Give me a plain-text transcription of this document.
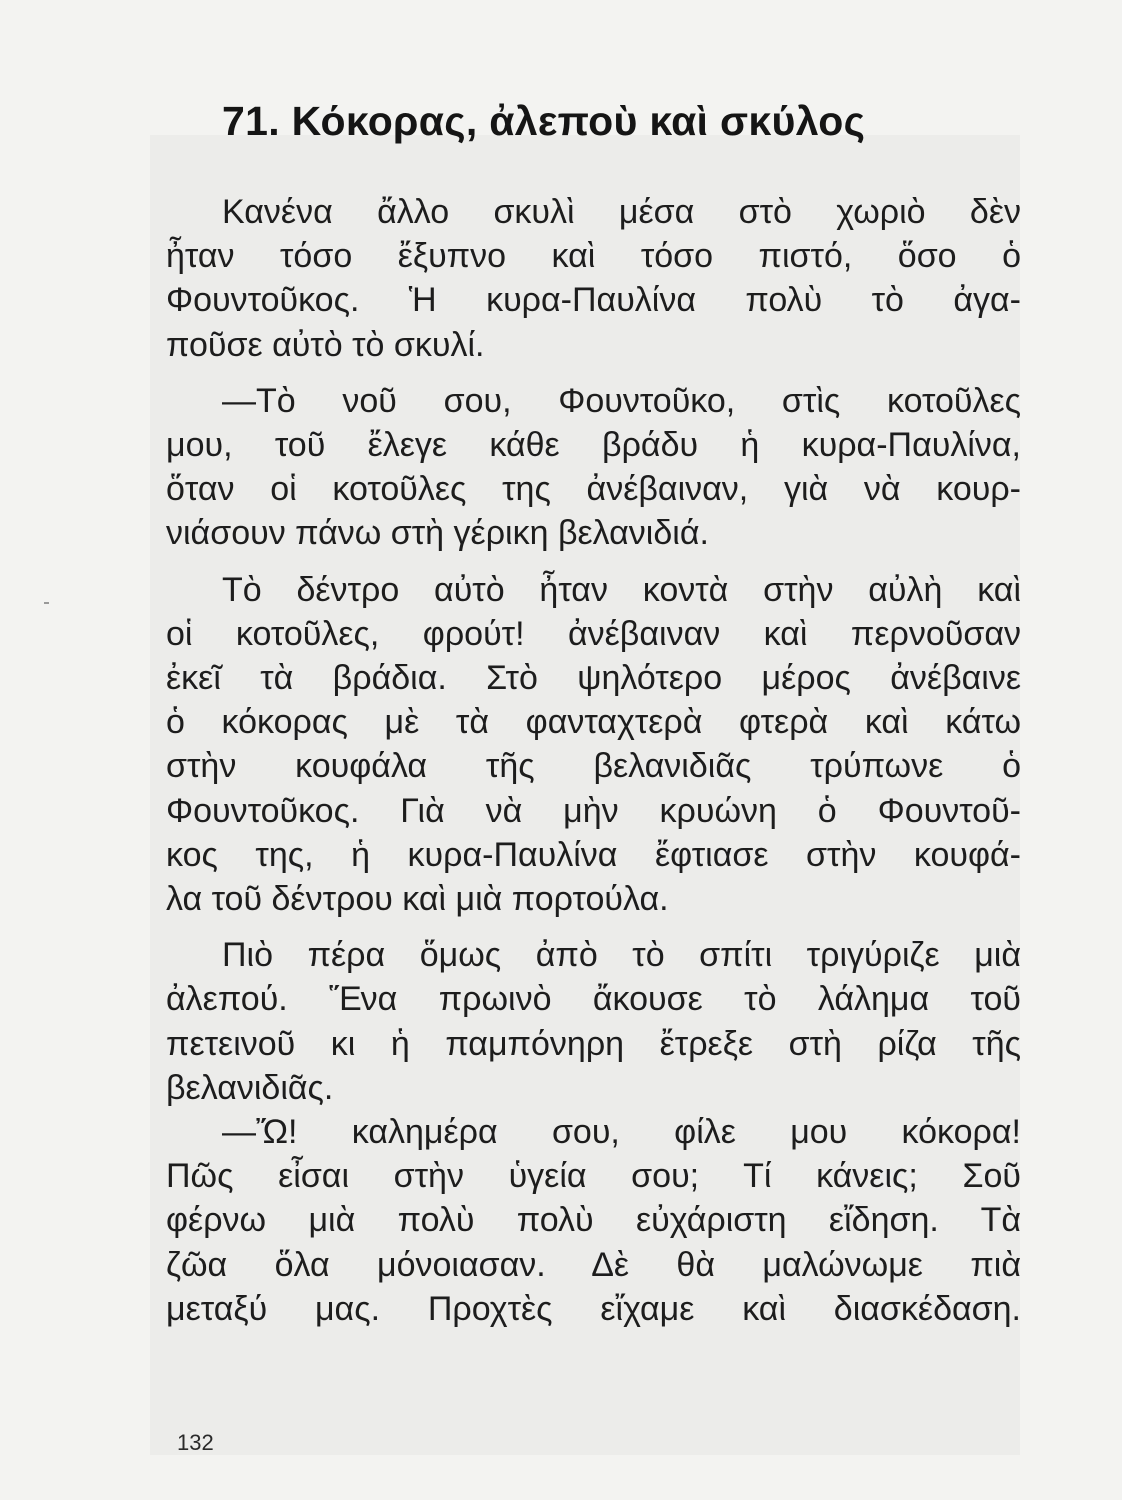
71. Κόκορας, ἀλεποὺ καὶ σκύλος

Κανένα ἄλλο σκυλὶ μέσα στὸ χωριὸ δὲν
ἦταν τόσο ἔξυπνο καὶ τόσο πιστό, ὅσο ὁ
Φουντοῦκος. Ἡ κυρα-Παυλίνα πολὺ τὸ ἀγα-
ποῦσε αὐτὸ τὸ σκυλί.

—Τὸ νοῦ σου, Φουντοῦκο, στὶς κοτοῦλες
μου, τοῦ ἔλεγε κάθε βράδυ ἡ κυρα-Παυλίνα,
ὅταν οἱ κοτοῦλες της ἀνέβαιναν, γιὰ νὰ κουρ-
νιάσουν πάνω στὴ γέρικη βελανιδιά.

Τὸ δέντρο αὐτὸ ἦταν κοντὰ στὴν αὐλὴ καὶ
οἱ κοτοῦλες, φρούτ! ἀνέβαιναν καὶ περνοῦσαν
ἐκεῖ τὰ βράδια. Στὸ ψηλότερο μέρος ἀνέβαινε
ὁ κόκορας μὲ τὰ φανταχτερὰ φτερὰ καὶ κάτω
στὴν κουφάλα τῆς βελανιδιᾶς τρύπωνε ὁ
Φουντοῦκος. Γιὰ νὰ μὴν κρυώνη ὁ Φουντοῦ-
κος της, ἡ κυρα-Παυλίνα ἔφτιασε στὴν κουφά-
λα τοῦ δέντρου καὶ μιὰ πορτούλα.

Πιὸ πέρα ὅμως ἀπὸ τὸ σπίτι τριγύριζε μιὰ
ἀλεπού. Ἕνα πρωινὸ ἄκουσε τὸ λάλημα τοῦ
πετεινοῦ κι ἡ παμπόνηρη ἔτρεξε στὴ ρίζα τῆς
βελανιδιᾶς.

—Ὤ! καλημέρα σου, φίλε μου κόκορα!
Πῶς εἶσαι στὴν ὑγεία σου; Τί κάνεις; Σοῦ
φέρνω μιὰ πολὺ πολὺ εὐχάριστη εἴδηση. Τὰ
ζῶα ὅλα μόνοιασαν. Δὲ θὰ μαλώνωμε πιὰ
μεταξύ μας. Προχτὲς εἴχαμε καὶ διασκέδαση.

132
